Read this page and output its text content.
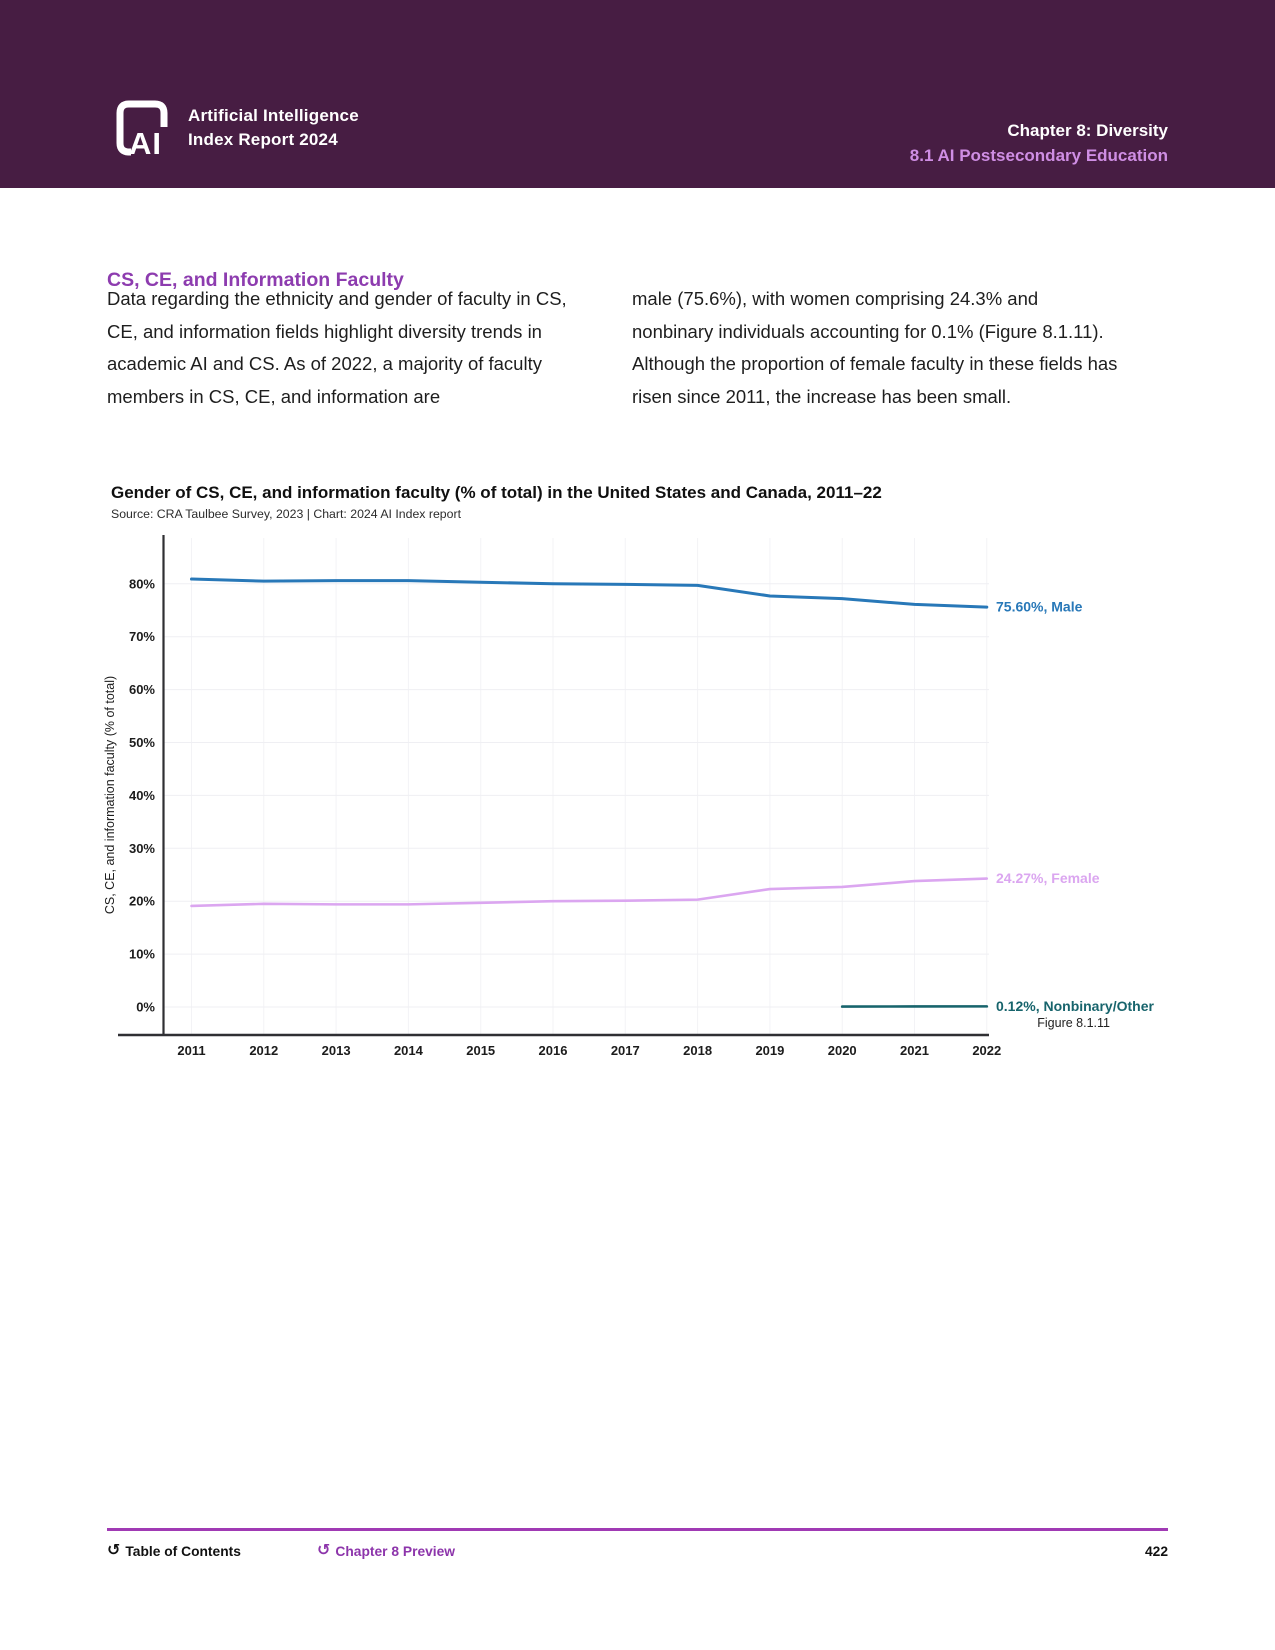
AI
Artificial Intelligence
Index Report 2024	Chapter 8: Diversity
8.1 AI Postsecondary Education
CS, CE, and Information Faculty
Data regarding the ethnicity and gender of faculty in CS, CE, and information fields highlight diversity trends in academic AI and CS. As of 2022, a majority of faculty members in CS, CE, and information are
male (75.6%), with women comprising 24.3% and nonbinary individuals accounting for 0.1% (Figure 8.1.11). Although the proportion of female faculty in these fields has risen since 2011, the increase has been small.
Gender of CS, CE, and information faculty (% of total) in the United States and Canada, 2011–22
Source: CRA Taulbee Survey, 2023 | Chart: 2024 AI Index report
0%
10%
20%
30%
40%
50%
60%
70%
80%
2011	2012	2013	2014	2015	2016	2017	2018	2019	2020	2021	2022
CS, CE, and information faculty (% of total)
75.60%, Male
24.27%, Female
0.12%, Nonbinary/Other
Figure 8.1.11
↺ Table of Contents	↺ Chapter 8 Preview	422
